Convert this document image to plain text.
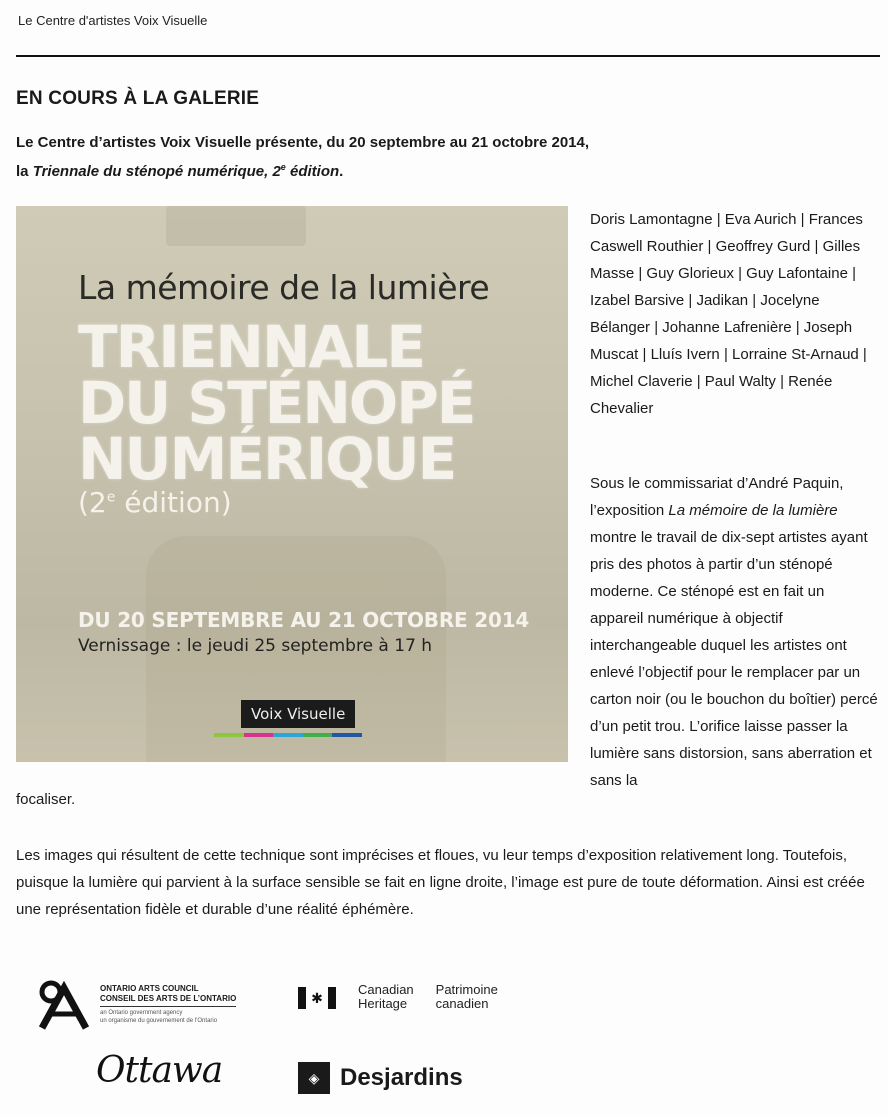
Le Centre d'artistes Voix Visuelle
EN COURS À LA GALERIE
Le Centre d’artistes Voix Visuelle présente, du 20 septembre au 21 octobre 2014,
la Triennale du sténopé numérique, 2e édition.
La mémoire de la lumière
TRIENNALE
DU STÉNOPÉ
NUMÉRIQUE
(2e édition)
DU 20 SEPTEMBRE AU 21 OCTOBRE 2014
Vernissage : le jeudi 25 septembre à 17 h
Voix Visuelle
Doris Lamontagne | Eva Aurich | Frances Caswell Routhier | Geoffrey Gurd | Gilles Masse | Guy Glorieux | Guy Lafontaine | Izabel Barsive | Jadikan | Jocelyne Bélanger | Johanne Lafrenière | Joseph Muscat | Lluís Ivern | Lorraine St-Arnaud | Michel Claverie | Paul Walty | Renée Chevalier
Sous le commissariat d’André Paquin, l’exposition La mémoire de la lumière montre le travail de dix-sept artistes ayant pris des photos à partir d’un sténopé moderne. Ce sténopé est en fait un appareil numérique à objectif interchangeable duquel les artistes ont enlevé l’objectif pour le remplacer par un carton noir (ou le bouchon du boîtier) percé d’un petit trou. L’orifice laisse passer la lumière sans distorsion, sans aberration et sans la
focaliser.
Les images qui résultent de cette technique sont imprécises et floues, vu leur temps d’exposition relativement long. Toutefois, puisque la lumière qui parvient à la surface sensible se fait en ligne droite, l’image est pure de toute déformation. Ainsi est créée une représentation fidèle et durable d’une réalité éphémère.
ONTARIO ARTS COUNCIL
CONSEIL DES ARTS DE L’ONTARIO
an Ontario government agency
un organisme du gouvernement de l’Ontario
✱	Canadian
Heritage
Patrimoine
canadien
Ottawa	◈ Desjardins
